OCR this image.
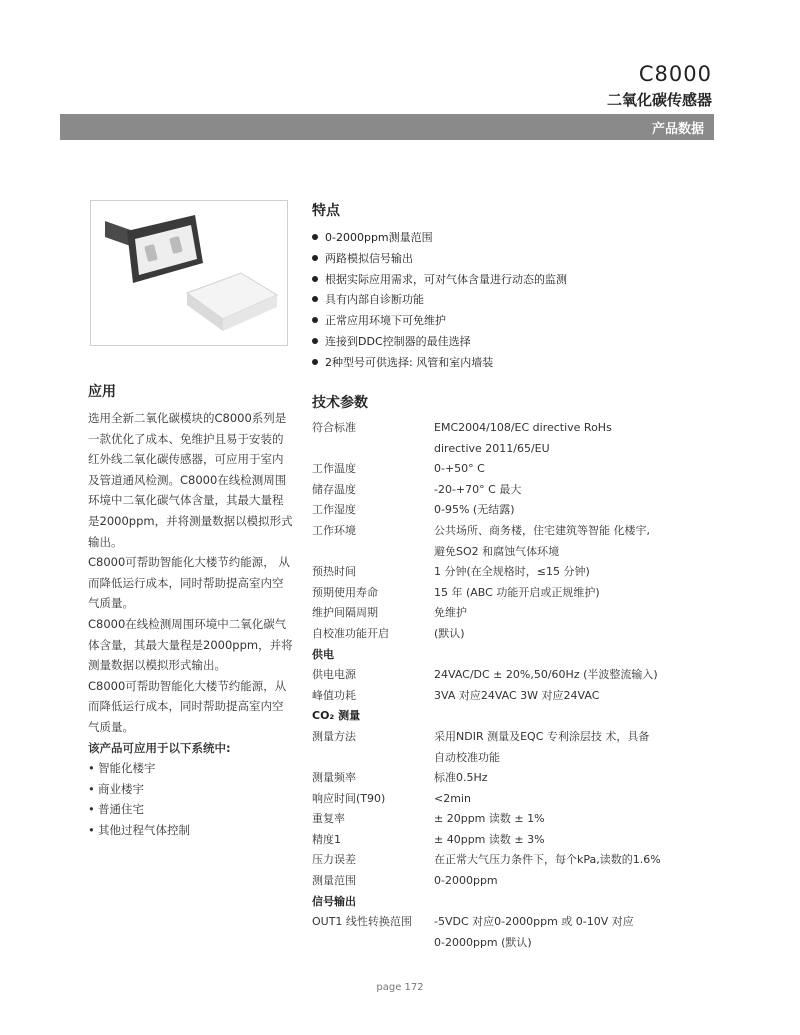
C8000
二氧化碳传感器
产品数据
应用

选用全新二氧化碳模块的C8000系列是

一款优化了成本、免维护且易于安装的

红外线二氧化碳传感器，可应用于室内

及管道通风检测。C8000在线检测周围

环境中二氧化碳气体含量，其最大量程

是2000ppm，并将测量数据以模拟形式

输出。

C8000可帮助智能化大楼节约能源， 从

而降低运行成本，同时帮助提高室内空

气质量。

C8000在线检测周围环境中二氧化碳气

体含量，其最大量程是2000ppm，并将

测量数据以模拟形式输出。

C8000可帮助智能化大楼节约能源，从

而降低运行成本，同时帮助提高室内空

气质量。

该产品可应用于以下系统中:

• 智能化楼宇
• 商业楼宇
• 普通住宅
• 其他过程气体控制
特点
0-2000ppm测量范围
两路模拟信号输出
根据实际应用需求，可对气体含量进行动态的监测
具有内部自诊断功能
正常应用环境下可免维护
连接到DDC控制器的最佳选择
2种型号可供选择: 风管和室内墙装
技术参数
符合标准	EMC2004/108/EC directive RoHs
directive 2011/65/EU
工作温度	0-+50° C
储存温度	-20-+70° C 最大
工作湿度	0-95% (无结露)
工作环境	公共场所、商务楼，住宅建筑等智能 化楼宇,
避免SO2 和腐蚀气体环境
预热时间	1 分钟(在全规格时，≤15 分钟)
预期使用寿命	15 年 (ABC 功能开启或正规维护)
维护间隔周期	免维护
自校准功能开启	(默认)
供电
供电电源	24VAC/DC ± 20%,50/60Hz (半波整流输入)
峰值功耗	3VA 对应24VAC 3W 对应24VAC
CO₂ 测量
测量方法	采用NDIR 测量及EQC 专利涂层技 术，具备
自动校准功能
测量频率	标准0.5Hz
响应时间(T90)	<2min
重复率	± 20ppm 读数 ± 1%
精度1	± 40ppm 读数 ± 3%
压力误差	在正常大气压力条件下，每个kPa,读数的1.6%
测量范围	0-2000ppm
信号输出
OUT1 线性转换范围	-5VDC 对应0-2000ppm 或 0-10V 对应
0-2000ppm (默认)
page 172
